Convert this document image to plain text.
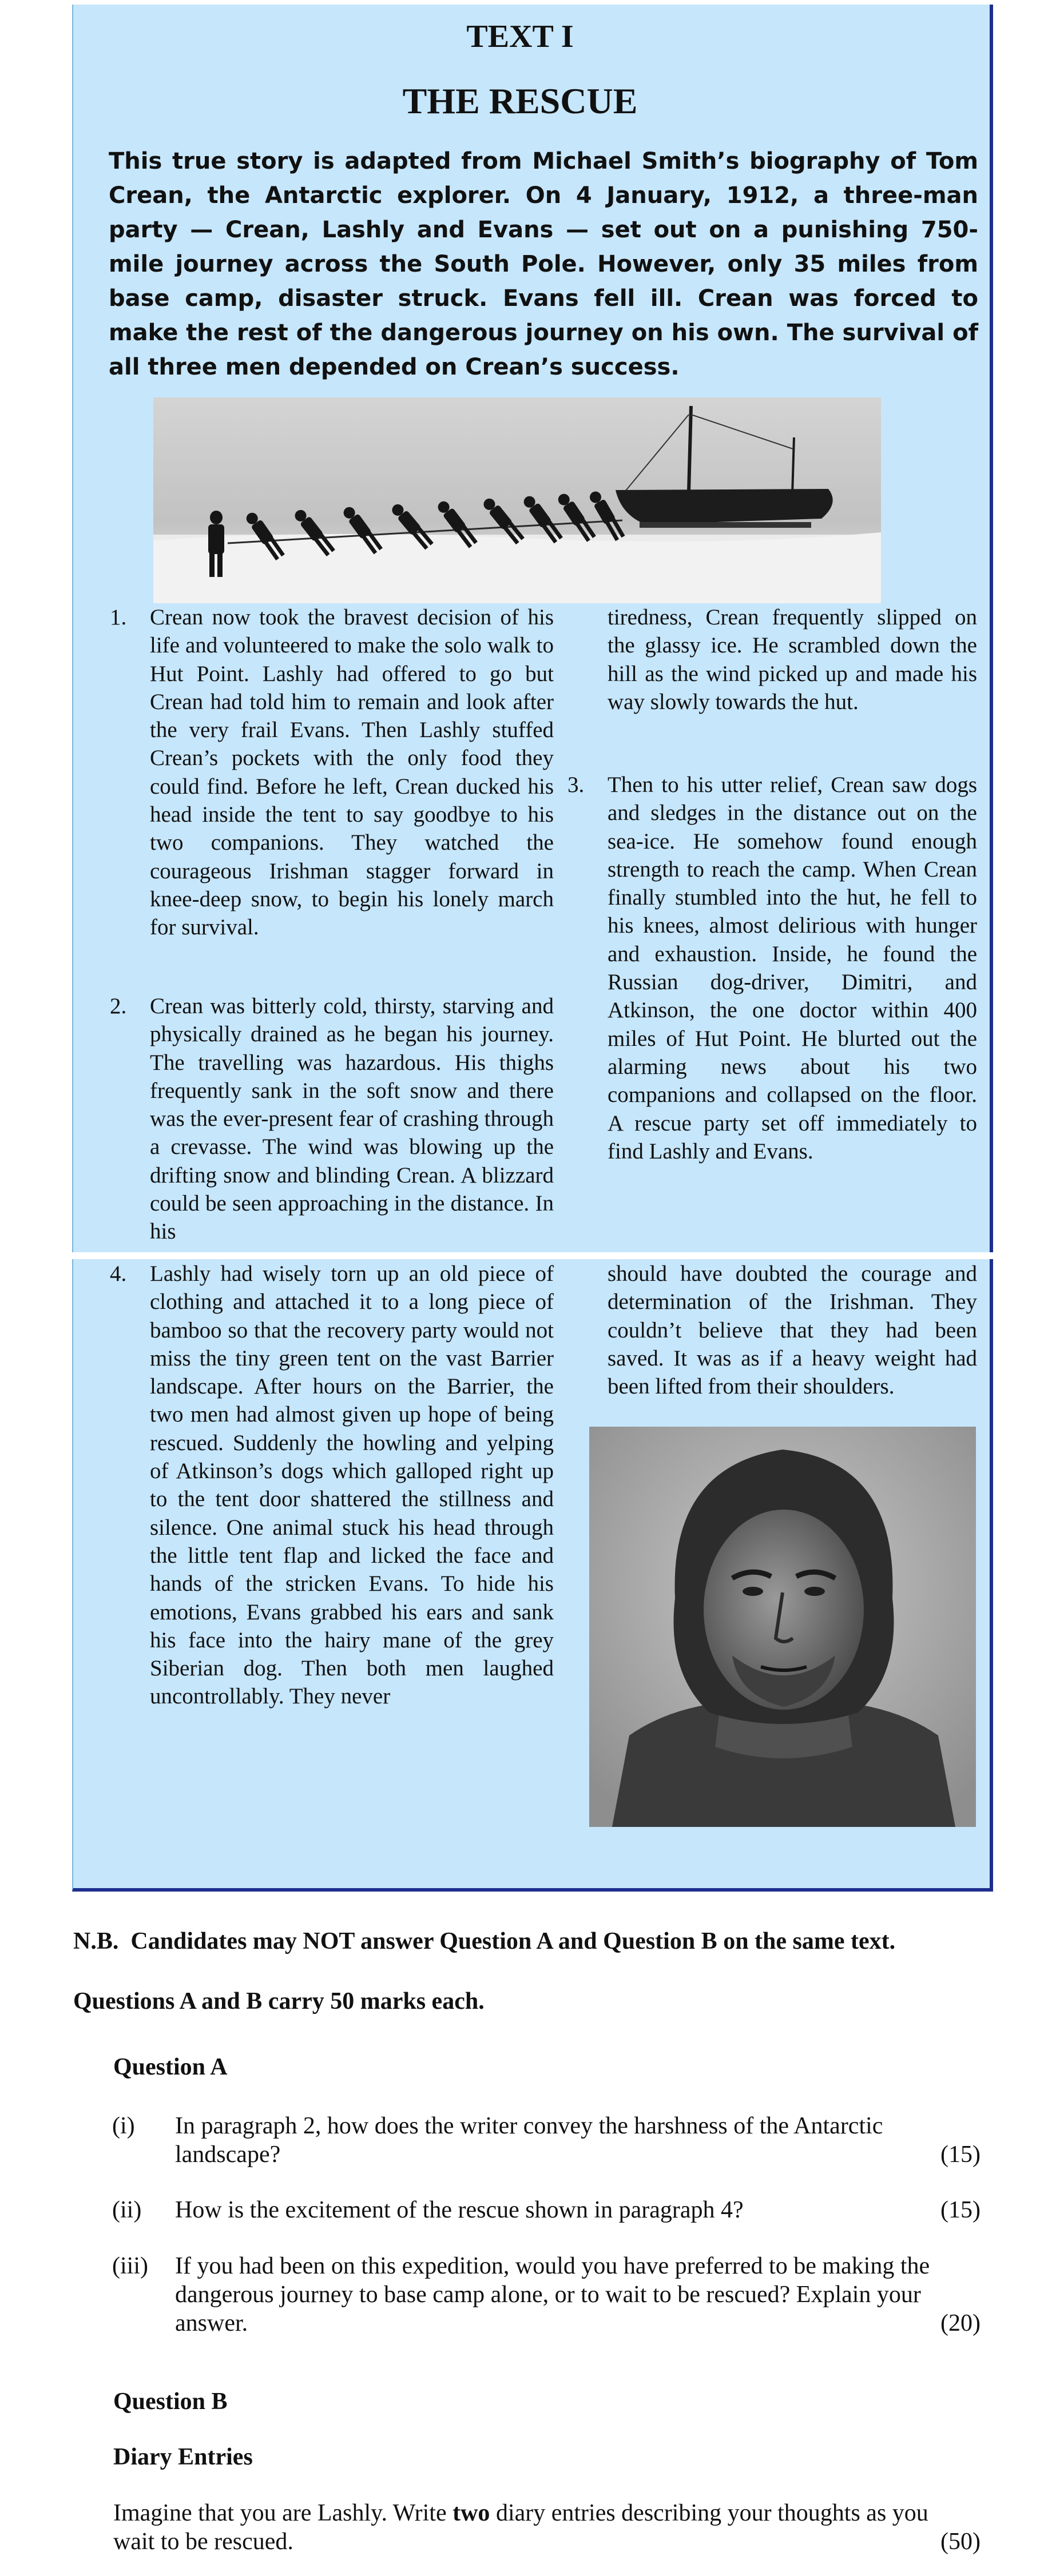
TEXT I
THE RESCUE
This true story is adapted from Michael Smith’s biography of Tom Crean, the Antarctic explorer. On 4 January, 1912, a three-man party — Crean, Lashly and Evans — set out on a punishing 750-mile journey across the South Pole. However, only 35 miles from base camp, disaster struck. Evans fell ill. Crean was forced to make the rest of the dangerous journey on his own. The survival of all three men depended on Crean’s success.
1. Crean now took the bravest decision of his life and volunteered to make the solo walk to Hut Point. Lashly had offered to go but Crean had told him to remain and look after the very frail Evans. Then Lashly stuffed Crean’s pockets with the only food they could find. Before he left, Crean ducked his head inside the tent to say goodbye to his two companions. They watched the courageous Irishman stagger forward in knee-deep snow, to begin his lonely march for survival.
2. Crean was bitterly cold, thirsty, starving and physically drained as he began his journey. The travelling was hazardous. His thighs frequently sank in the soft snow and there was the ever-present fear of crashing through a crevasse. The wind was blowing up the drifting snow and blinding Crean. A blizzard could be seen approaching in the distance. In his
tiredness, Crean frequently slipped on the glassy ice. He scrambled down the hill as the wind picked up and made his way slowly towards the hut.
3. Then to his utter relief, Crean saw dogs and sledges in the distance out on the sea-ice. He somehow found enough strength to reach the camp. When Crean finally stumbled into the hut, he fell to his knees, almost delirious with hunger and exhaustion. Inside, he found the Russian dog-driver, Dimitri, and Atkinson, the one doctor within 400 miles of Hut Point. He blurted out the alarming news about his two companions and collapsed on the floor. A rescue party set off immediately to find Lashly and Evans.
4. Lashly had wisely torn up an old piece of clothing and attached it to a long piece of bamboo so that the recovery party would not miss the tiny green tent on the vast Barrier landscape. After hours on the Barrier, the two men had almost given up hope of being rescued. Suddenly the howling and yelping of Atkinson’s dogs which galloped right up to the tent door shattered the stillness and silence. One animal stuck his head through the little tent flap and licked the face and hands of the stricken Evans. To hide his emotions, Evans grabbed his ears and sank his face into the hairy mane of the grey Siberian dog. Then both men laughed uncontrollably. They never
should have doubted the courage and determination of the Irishman. They couldn’t believe that they had been saved. It was as if a heavy weight had been lifted from their shoulders.
N.B. Candidates may NOT answer Question A and Question B on the same text.
Questions A and B carry 50 marks each.
Question A
(i) In paragraph 2, how does the writer convey the harshness of the Antarctic landscape?	(15)
(ii) How is the excitement of the rescue shown in paragraph 4?	(15)
(iii) If you had been on this expedition, would you have preferred to be making the dangerous journey to base camp alone, or to wait to be rescued? Explain your answer.	(20)
Question B
Diary Entries
Imagine that you are Lashly. Write two diary entries describing your thoughts as you wait to be rescued.	(50)
